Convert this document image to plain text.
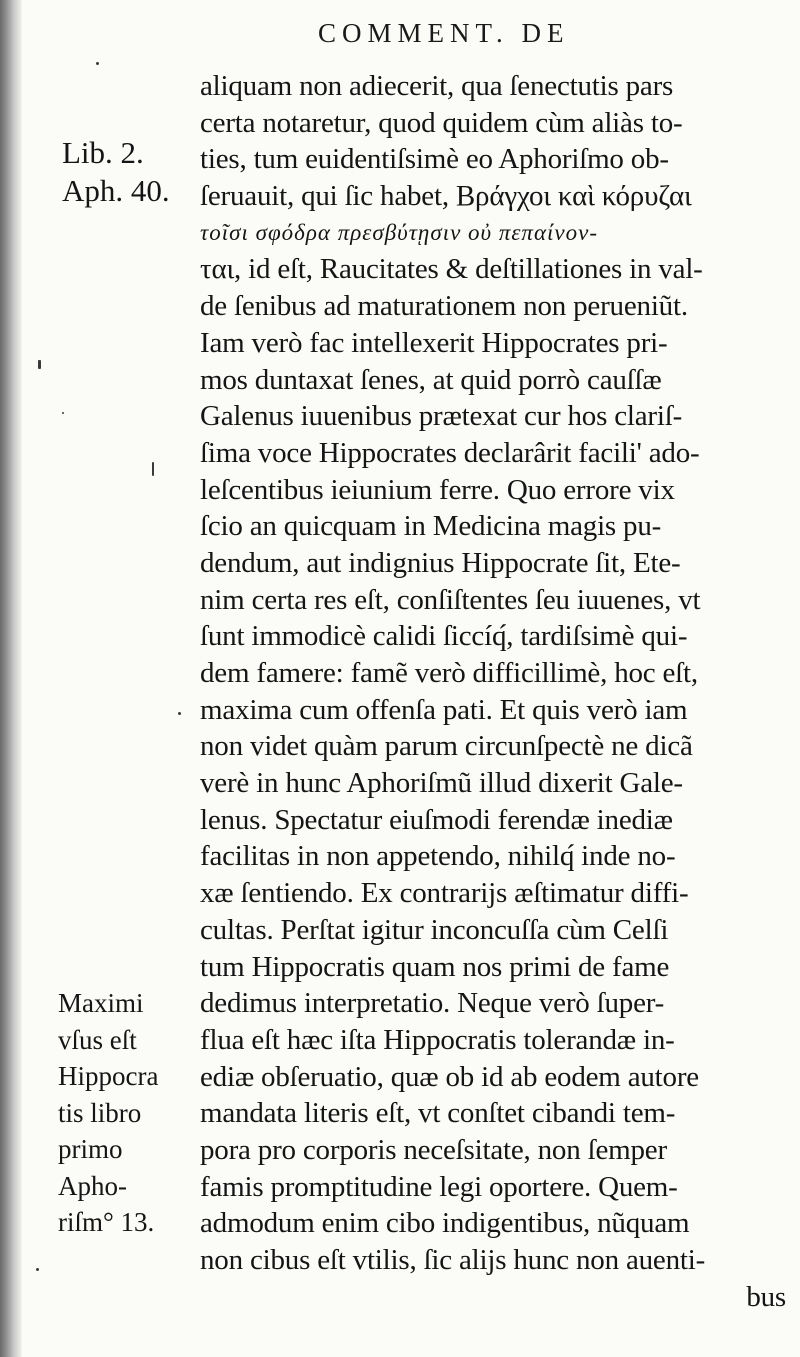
COMMENT. DE
Lib. 2.
Aph. 40.
Maximi
vſus eſt
Hippocra
tis libro
primo
Apho-
riſm° 13.
aliquam non adiecerit, qua ſenectutis pars
certa notaretur, quod quidem cùm aliàs to-
ties, tum euidentiſsimè eo Aphoriſmo ob-
ſeruauit, qui ſic habet, Βράγχοι καὶ κόρυζαι
τοῖσι σφόδρα πρεσβύτῃσιν οὐ πεπαίνον-
ται, id eſt, Raucitates & deſtillationes in val-
de ſenibus ad maturationem non perueniũt.
Iam verò fac intellexerit Hippocrates pri-
mos duntaxat ſenes, at quid porrò cauſſæ
Galenus iuuenibus prætexat cur hos clariſ-
ſima voce Hippocrates declarârit facili' ado-
leſcentibus ieiunium ferre. Quo errore vix
ſcio an quicquam in Medicina magis pu-
dendum, aut indignius Hippocrate ſit, Ete-
nim certa res eſt, conſiſtentes ſeu iuuenes, vt
ſunt immodicè calidi ſiccíq́, tardiſsimè qui-
dem famere: famẽ verò difficillimè, hoc eſt,
maxima cum offenſa pati. Et quis verò iam
non videt quàm parum circunſpectè ne dicã
verè in hunc Aphoriſmũ illud dixerit Gale-
lenus. Spectatur eiuſmodi ferendæ inediæ
facilitas in non appetendo, nihilq́ inde no-
xæ ſentiendo. Ex contrarijs æſtimatur diffi-
cultas. Perſtat igitur inconcuſſa cùm Celſi
tum Hippocratis quam nos primi de fame
dedimus interpretatio. Neque verò ſuper-
flua eſt hæc iſta Hippocratis tolerandæ in-
ediæ obſeruatio, quæ ob id ab eodem autore
mandata literis eſt, vt conſtet cibandi tem-
pora pro corporis neceſsitate, non ſemper
famis promptitudine legi oportere. Quem-
admodum enim cibo indigentibus, nũquam
non cibus eſt vtilis, ſic alijs hunc non auenti-
bus
